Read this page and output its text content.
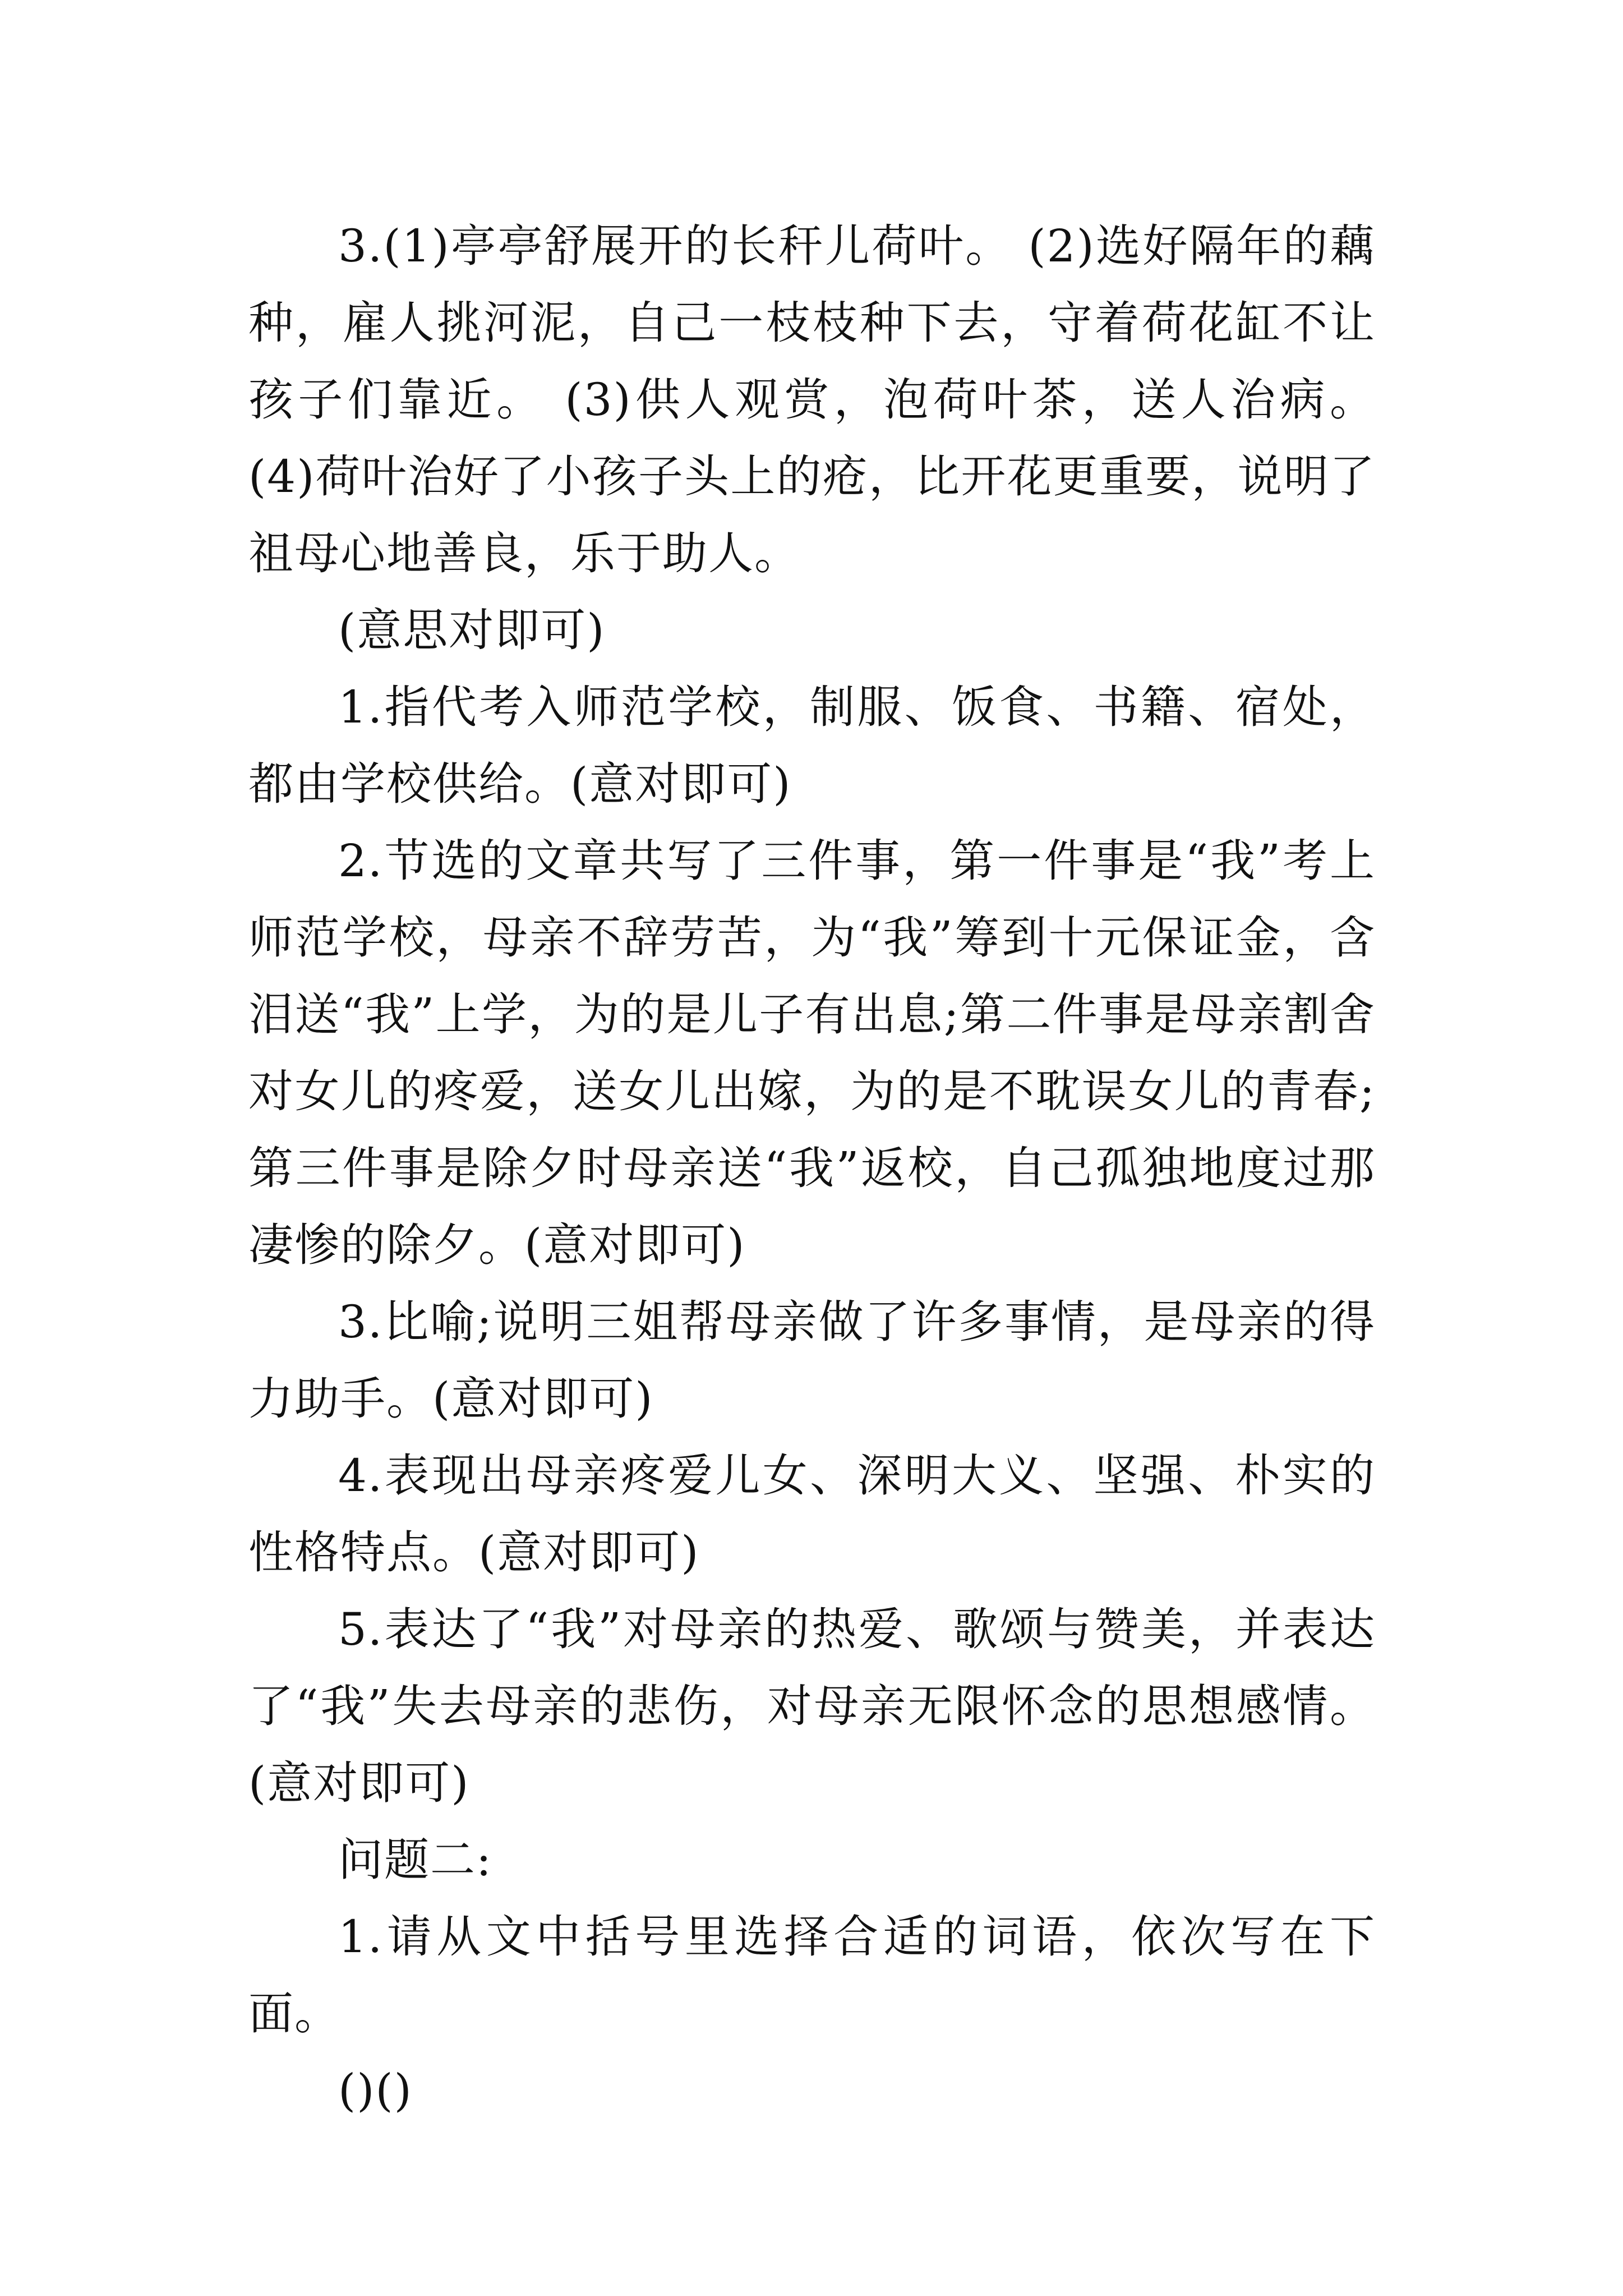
3.(1)亭亭舒展开的长秆儿荷叶。 (2)选好隔年的藕种，雇人挑河泥，自己一枝枝种下去，守着荷花缸不让孩子们靠近。 (3)供人观赏，泡荷叶茶，送人治病。 (4)荷叶治好了小孩子头上的疮，比开花更重要，说明了祖母心地善良，乐于助人。

(意思对即可)

1.指代考入师范学校，制服、饭食、书籍、宿处，都由学校供给。(意对即可)

2.节选的文章共写了三件事，第一件事是“我”考上师范学校，母亲不辞劳苦，为“我”筹到十元保证金，含泪送“我”上学，为的是儿子有出息;第二件事是母亲割舍对女儿的疼爱，送女儿出嫁，为的是不耽误女儿的青春;第三件事是除夕时母亲送“我”返校，自己孤独地度过那凄惨的除夕。(意对即可)

3.比喻;说明三姐帮母亲做了许多事情，是母亲的得力助手。(意对即可)

4.表现出母亲疼爱儿女、深明大义、坚强、朴实的性格特点。(意对即可)

5.表达了“我”对母亲的热爱、歌颂与赞美，并表达了“我”失去母亲的悲伤，对母亲无限怀念的思想感情。(意对即可)

问题二:

1.请从文中括号里选择合适的词语，依次写在下面。

()()
